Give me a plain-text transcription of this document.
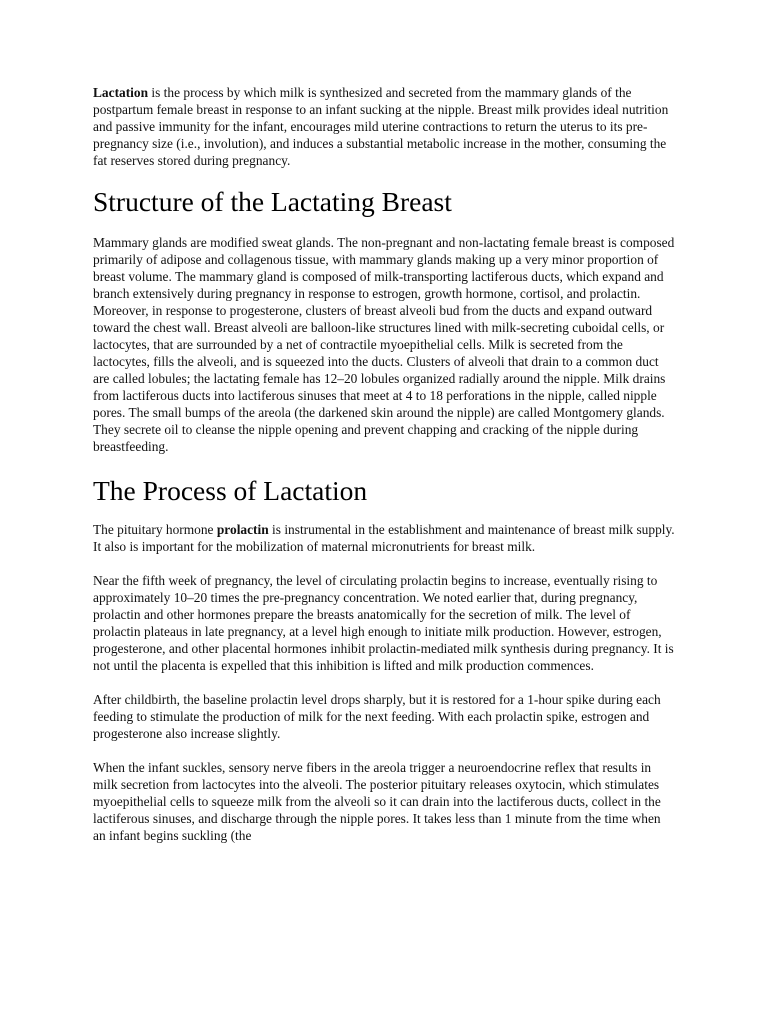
Lactation is the process by which milk is synthesized and secreted from the mammary glands of the postpartum female breast in response to an infant sucking at the nipple. Breast milk provides ideal nutrition and passive immunity for the infant, encourages mild uterine contractions to return the uterus to its pre-pregnancy size (i.e., involution), and induces a substantial metabolic increase in the mother, consuming the fat reserves stored during pregnancy.

Structure of the Lactating Breast

Mammary glands are modified sweat glands. The non-pregnant and non-lactating female breast is composed primarily of adipose and collagenous tissue, with mammary glands making up a very minor proportion of breast volume. The mammary gland is composed of milk-transporting lactiferous ducts, which expand and branch extensively during pregnancy in response to estrogen, growth hormone, cortisol, and prolactin. Moreover, in response to progesterone, clusters of breast alveoli bud from the ducts and expand outward toward the chest wall. Breast alveoli are balloon-like structures lined with milk-secreting cuboidal cells, or lactocytes, that are surrounded by a net of contractile myoepithelial cells. Milk is secreted from the lactocytes, fills the alveoli, and is squeezed into the ducts. Clusters of alveoli that drain to a common duct are called lobules; the lactating female has 12–20 lobules organized radially around the nipple. Milk drains from lactiferous ducts into lactiferous sinuses that meet at 4 to 18 perforations in the nipple, called nipple pores. The small bumps of the areola (the darkened skin around the nipple) are called Montgomery glands. They secrete oil to cleanse the nipple opening and prevent chapping and cracking of the nipple during breastfeeding.

The Process of Lactation

The pituitary hormone prolactin is instrumental in the establishment and maintenance of breast milk supply. It also is important for the mobilization of maternal micronutrients for breast milk.

Near the fifth week of pregnancy, the level of circulating prolactin begins to increase, eventually rising to approximately 10–20 times the pre-pregnancy concentration. We noted earlier that, during pregnancy, prolactin and other hormones prepare the breasts anatomically for the secretion of milk. The level of prolactin plateaus in late pregnancy, at a level high enough to initiate milk production. However, estrogen, progesterone, and other placental hormones inhibit prolactin-mediated milk synthesis during pregnancy. It is not until the placenta is expelled that this inhibition is lifted and milk production commences.

After childbirth, the baseline prolactin level drops sharply, but it is restored for a 1-hour spike during each feeding to stimulate the production of milk for the next feeding. With each prolactin spike, estrogen and progesterone also increase slightly.

When the infant suckles, sensory nerve fibers in the areola trigger a neuroendocrine reflex that results in milk secretion from lactocytes into the alveoli. The posterior pituitary releases oxytocin, which stimulates myoepithelial cells to squeeze milk from the alveoli so it can drain into the lactiferous ducts, collect in the lactiferous sinuses, and discharge through the nipple pores. It takes less than 1 minute from the time when an infant begins suckling (the
